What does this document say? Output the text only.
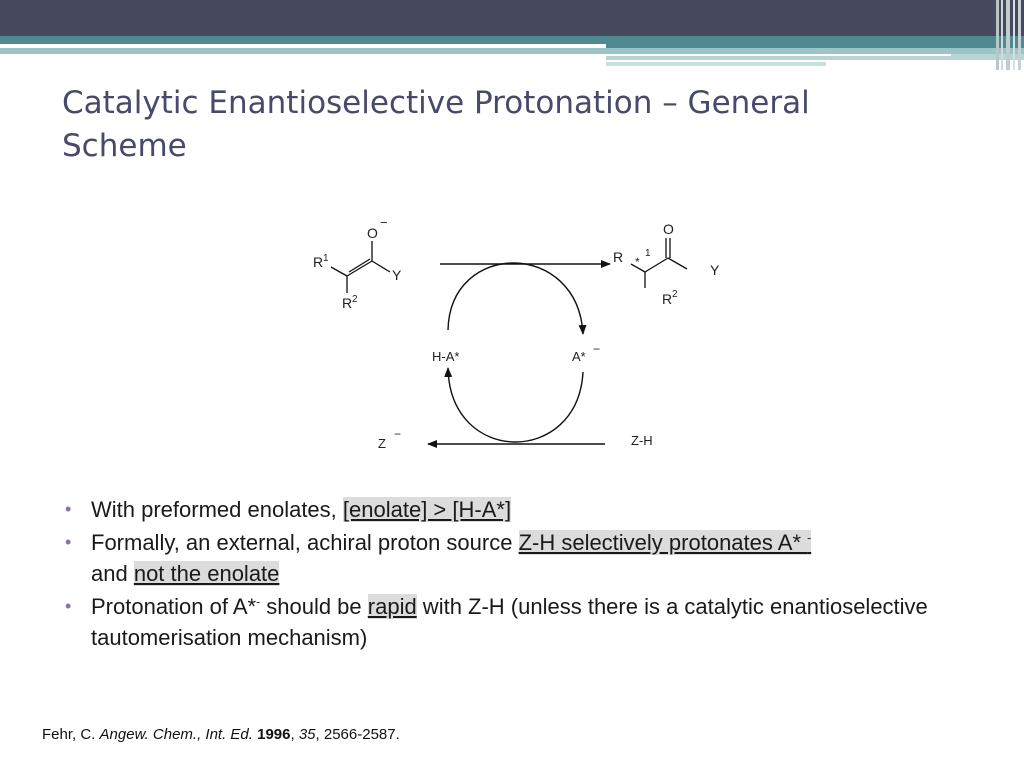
Catalytic Enantioselective Protonation – General Scheme
O
−
R 1
R 2
Y
O
*
R 1
R 2
Y
H-A*	A* −
Z
−	Z-H
• With preformed enolates, [enolate] > [H-A*]
• Formally, an external, achiral proton source Z-H selectively protonates A* -
and not the enolate
• Protonation of A*- should be rapid with Z-H (unless there is a catalytic enantioselective tautomerisation mechanism)
Fehr, C. Angew. Chem., Int. Ed. 1996, 35, 2566-2587.
